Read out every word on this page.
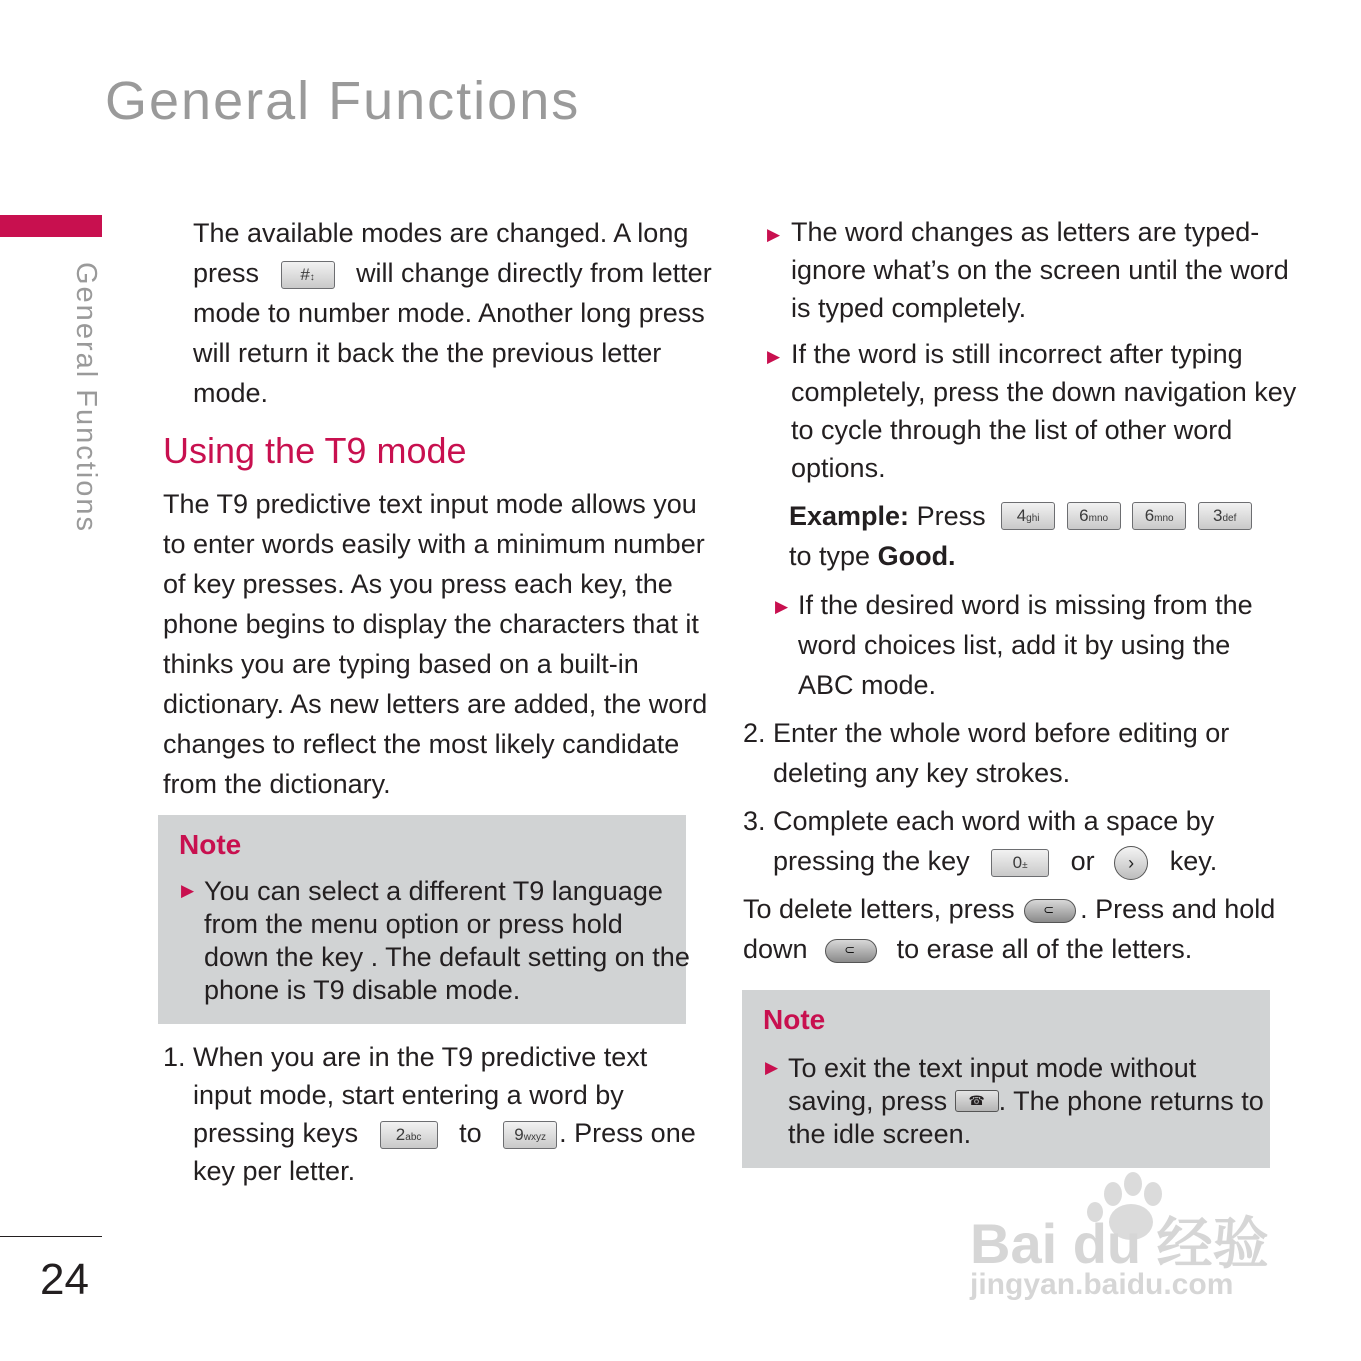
General Functions
General Functions
24
The available modes are changed. A long
press #↕ will change directly from letter
mode to number mode. Another long press
will return it back the the previous letter
mode.
Using the T9 mode
The T9 predictive text input mode allows you
to enter words easily with a minimum number
of key presses. As you press each key, the
phone begins to display the characters that it
thinks you are typing based on a built-in
dictionary. As new letters are added, the word
changes to reflect the most likely candidate
from the dictionary.
Note
▶ You can select a different T9 language
from the menu option or press hold
down the key . The default setting on the
phone is T9 disable mode.
1. When you are in the T9 predictive text
input mode, start entering a word by
pressing keys 2abc to 9wxyz . Press one
key per letter.
▶ The word changes as letters are typed-
ignore what’s on the screen until the word
is typed completely.
▶ If the word is still incorrect after typing
completely, press the down navigation key
to cycle through the list of other word
options.
Example: Press 4ghi 6mno 6mno 3def
to type Good.
▶ If the desired word is missing from the
word choices list, add it by using the
ABC mode.
2. Enter the whole word before editing or
deleting any key strokes.
3. Complete each word with a space by
pressing the key	0± or › key.
To delete letters, press ⊂ . Press and hold
down	⊂ to erase all of the letters.
Note
▶ To exit the text input mode without
saving, press ☎ . The phone returns to
the idle screen.
Bai du 经验
jingyan.baidu.com
